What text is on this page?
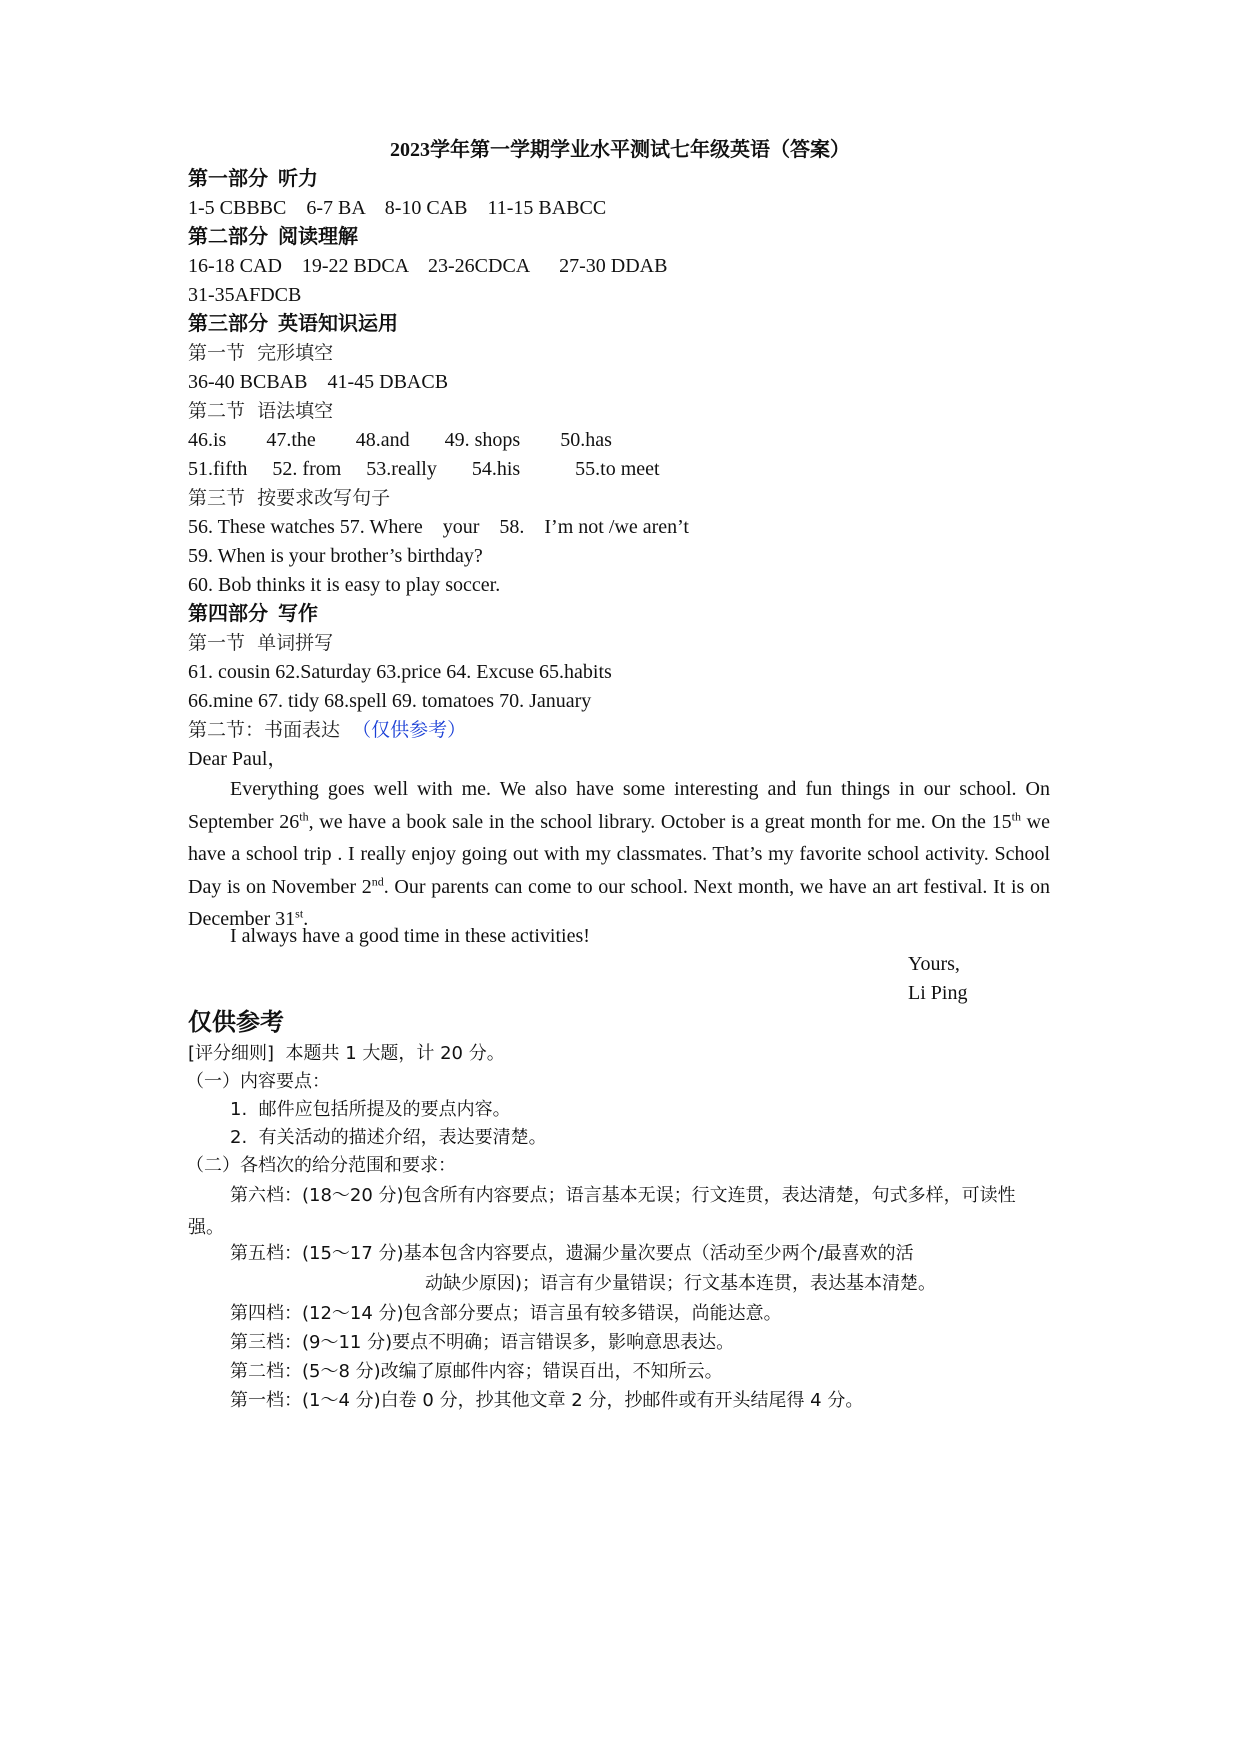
2023学年第一学期学业水平测试七年级英语（答案）
第一部分  听力
1-5 CBBBC    6-7 BA    8-10 CAB    11-15 BABCC
第二部分  阅读理解
16-18 CAD    19-22 BDCA    23-26CDCA      27-30 DDAB
31-35AFDCB
第三部分  英语知识运用
第一节  完形填空
36-40 BCBAB    41-45 DBACB
第二节  语法填空
46.is        47.the        48.and       49. shops        50.has
51.fifth     52. from     53.really       54.his           55.to meet
第三节  按要求改写句子
56. These watches 57. Where    your    58.    I’m not /we aren’t
59. When is your brother’s birthday?
60. Bob thinks it is easy to play soccer.
第四部分  写作
第一节  单词拼写
61. cousin 62.Saturday 63.price 64. Excuse 65.habits
66.mine 67. tidy 68.spell 69. tomatoes 70. January
第二节：书面表达  （仅供参考）
Dear Paul，
Everything goes well with me. We also have some interesting and fun things in our school. On September 26th, we have a book sale in the school library. October is a great month for me. On the 15th we have a school trip . I really enjoy going out with my classmates. That’s my favorite school activity. School Day is on November 2nd. Our parents can come to our school. Next month, we have an art festival. It is on December 31st.
I always have a good time in these activities!
Yours,
Li Ping
仅供参考
[评分细则]  本题共 1 大题，计 20 分。
（一）内容要点：
1.  邮件应包括所提及的要点内容。
2.  有关活动的描述介绍，表达要清楚。
（二）各档次的给分范围和要求：
第六档：(18～20 分)包含所有内容要点；语言基本无误；行文连贯，表达清楚，句式多样，可读性强。
第五档：(15～17 分)基本包含内容要点，遗漏少量次要点（活动至少两个/最喜欢的活
动缺少原因)；语言有少量错误；行文基本连贯，表达基本清楚。
第四档：(12～14 分)包含部分要点；语言虽有较多错误，尚能达意。
第三档：(9～11 分)要点不明确；语言错误多，影响意思表达。
第二档：(5～8 分)改编了原邮件内容；错误百出，不知所云。
第一档：(1～4 分)白卷 0 分，抄其他文章 2 分，抄邮件或有开头结尾得 4 分。
